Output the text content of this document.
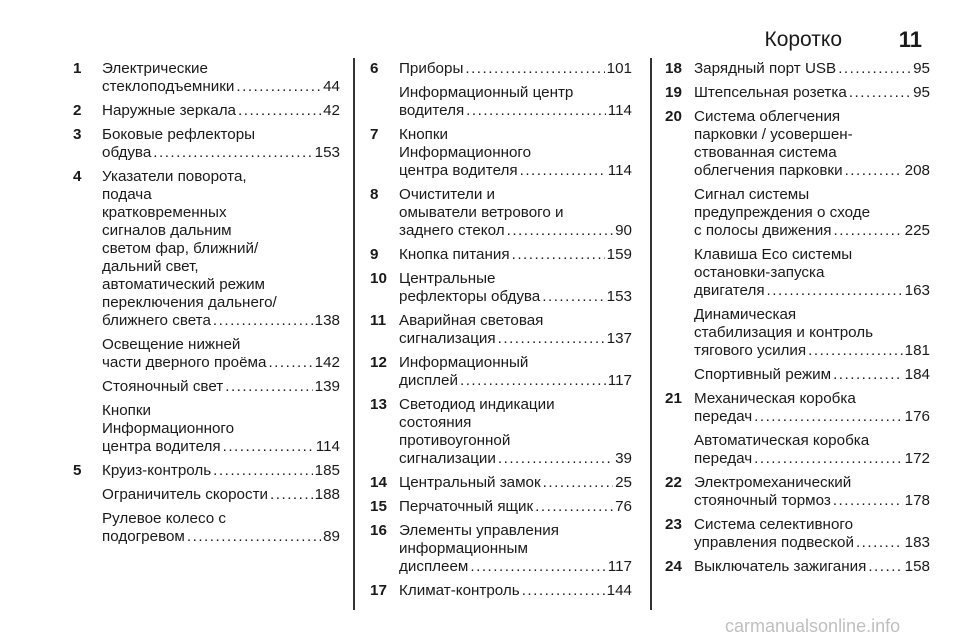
Коротко	11
1	Электрические
стеклоподъемники .....	44
2	Наружные зеркала .....	42
3	Боковые рефлекторы
обдува .....	153
4	Указатели поворота,
подача
кратковременных
сигналов дальним
светом фар, ближний/
дальний свет,
автоматический режим
переключения дальнего/
ближнего света .....	138
Освещение нижней
части дверного проёма .....	142
Стояночный свет .....	139
Кнопки
Информационного
центра водителя .....	114
5	Круиз-контроль .....	185
Ограничитель скорости .....	188
Рулевое колесо с
подогревом .....	89
6	Приборы .....	101
Информационный центр
водителя .....	114
7	Кнопки
Информационного
центра водителя .....	114
8	Очистители и
омыватели ветрового и
заднего стекол .....	90
9	Кнопка питания .....	159
10 Центральные
рефлекторы обдува .....	153
11 Аварийная световая
сигнализация .....	137
12 Информационный
дисплей .....	117
13 Светодиод индикации
состояния
противоугонной
сигнализации .....	39
14 Центральный замок .....	25
15 Перчаточный ящик .....	76
16 Элементы управления
информационным
дисплеем .....	117
17 Климат-контроль .....	144
18 Зарядный порт USB .....	95
19 Штепсельная розетка .....	95
20 Система облегчения
парковки / усовершен-
ствованная система
облегчения парковки .....	208
Сигнал системы
предупреждения о сходе
с полосы движения .....	225
Клавиша Eco системы
остановки-запуска
двигателя .....	163
Динамическая
стабилизация и контроль
тягового усилия .....	181
Спортивный режим .....	184
21 Механическая коробка
передач .....	176
Автоматическая коробка
передач .....	172
22 Электромеханический
стояночный тормоз .....	178
23 Система селективного
управления подвеской .....	183
24 Выключатель зажигания .....	158
carmanualsonline.info
